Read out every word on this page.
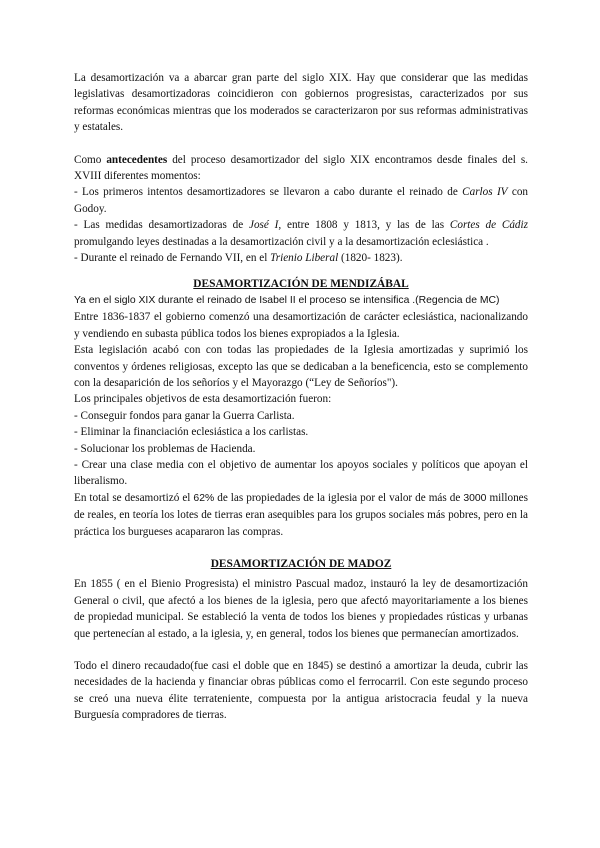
La desamortización va a abarcar gran parte del siglo XIX. Hay que considerar que las medidas legislativas desamortizadoras coincidieron con gobiernos progresistas, caracterizados por sus reformas económicas mientras que los moderados se caracterizaron por sus reformas administrativas y estatales.

Como antecedentes del proceso desamortizador del siglo XIX encontramos desde finales del s. XVIII diferentes momentos:

- Los primeros intentos desamortizadores se llevaron a cabo durante el reinado de Carlos IV con Godoy.

- Las medidas desamortizadoras de José I, entre 1808 y 1813, y las de las Cortes de Cádiz promulgando leyes destinadas a la desamortización civil y a la desamortización eclesiástica .

- Durante el reinado de Fernando VII, en el Trienio Liberal (1820- 1823).

DESAMORTIZACIÓN DE MENDIZÁBAL

Ya en el siglo XIX durante el reinado de Isabel II el proceso se intensifica .(Regencia de MC)

Entre 1836-1837 el gobierno comenzó una desamortización de carácter eclesiástica, nacionalizando y vendiendo en subasta pública todos los bienes expropiados a la Iglesia.

Esta legislación acabó con con todas las propiedades de la Iglesia amortizadas y suprimió los conventos y órdenes religiosas, excepto las que se dedicaban a la beneficencia, esto se complemento con la desaparición de los señoríos y el Mayorazgo (“Ley de Señoríos").

Los principales objetivos de esta desamortización fueron:

- Conseguir fondos para ganar la Guerra Carlista.

- Eliminar la financiación eclesiástica a los carlistas.

- Solucionar los problemas de Hacienda.

- Crear una clase media con el objetivo de aumentar los apoyos sociales y políticos que apoyan el liberalismo.

En total se desamortizó el 62% de las propiedades de la iglesia por el valor de más de 3000 millones de reales, en teoría los lotes de tierras eran asequibles para los grupos sociales más pobres, pero en la práctica los burgueses acapararon las compras.

DESAMORTIZACIÓN DE MADOZ

En 1855 ( en el Bienio Progresista) el ministro Pascual madoz, instauró la ley de desamortización General o civil, que afectó a los bienes de la iglesia, pero que afectó mayoritariamente a los bienes de propiedad municipal. Se estableció la venta de todos los bienes y propiedades rústicas y urbanas que pertenecían al estado, a la iglesia, y, en general, todos los bienes que permanecían amortizados.

Todo el dinero recaudado(fue casi el doble que en 1845) se destinó a amortizar la deuda, cubrir las necesidades de la hacienda y financiar obras públicas como el ferrocarril. Con este segundo proceso se creó una nueva élite terrateniente, compuesta por la antigua aristocracia feudal y la nueva Burguesía compradores de tierras.
